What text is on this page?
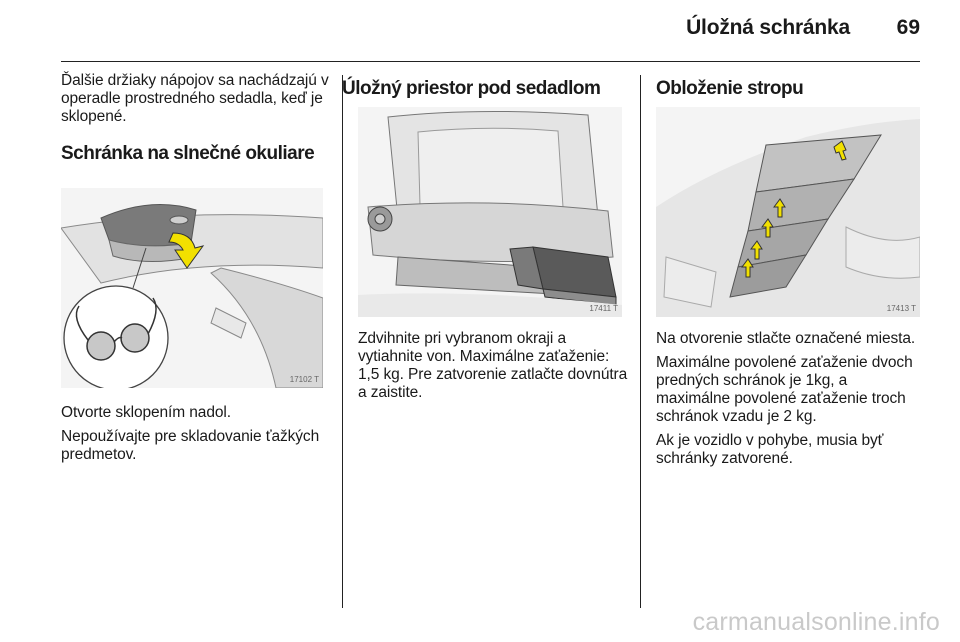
Úložná schránka 69

Ďalšie držiaky nápojov sa nachádzajú v operadle prostredného sedadla, keď je sklopené.

Schránka na slnečné okuliare

17102 T

Otvorte sklopením nadol.

Nepoužívajte pre skladovanie ťažkých predmetov.

Úložný priestor pod sedadlom

17411 T

Zdvihnite pri vybranom okraji a vytiahnite von. Maximálne zaťaženie: 1,5 kg. Pre zatvorenie zatlačte dovnútra a zaistite.

Obloženie stropu

17413 T

Na otvorenie stlačte označené miesta.

Maximálne povolené zaťaženie dvoch predných schránok je 1kg, a maximálne povolené zaťaženie troch schránok vzadu je 2 kg.

Ak je vozidlo v pohybe, musia byť schránky zatvorené.

carmanualsonline.info
